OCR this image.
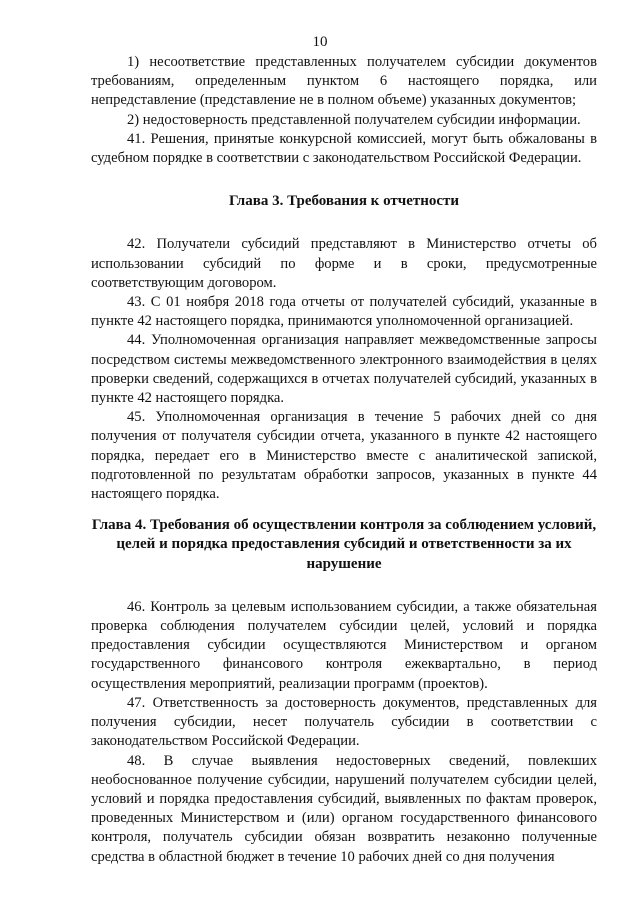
10

1) несоответствие представленных получателем субсидии документов требованиям, определенным пунктом 6 настоящего порядка, или непредставление (представление не в полном объеме) указанных документов;

2) недостоверность представленной получателем субсидии информации.

41. Решения, принятые конкурсной комиссией, могут быть обжалованы в судебном порядке в соответствии с законодательством Российской Федерации.

Глава 3. Требования к отчетности

42. Получатели субсидий представляют в Министерство отчеты об использовании субсидий по форме и в сроки, предусмотренные соответствующим договором.

43. С 01 ноября 2018 года отчеты от получателей субсидий, указанные в пункте 42 настоящего порядка, принимаются уполномоченной организацией.

44. Уполномоченная организация направляет межведомственные запросы посредством системы межведомственного электронного взаимодействия в целях проверки сведений, содержащихся в отчетах получателей субсидий, указанных в пункте 42 настоящего порядка.

45. Уполномоченная организация в течение 5 рабочих дней со дня получения от получателя субсидии отчета, указанного в пункте 42 настоящего порядка, передает его в Министерство вместе с аналитической запиской, подготовленной по результатам обработки запросов, указанных в пункте 44 настоящего порядка.

Глава 4. Требования об осуществлении контроля за соблюдением условий, целей и порядка предоставления субсидий и ответственности за их нарушение

46. Контроль за целевым использованием субсидии, а также обязательная проверка соблюдения получателем субсидии целей, условий и порядка предоставления субсидии осуществляются Министерством и органом государственного финансового контроля ежеквартально, в период осуществления мероприятий, реализации программ (проектов).

47. Ответственность за достоверность документов, представленных для получения субсидии, несет получатель субсидии в соответствии с законодательством Российской Федерации.

48. В случае выявления недостоверных сведений, повлекших необоснованное получение субсидии, нарушений получателем субсидии целей, условий и порядка предоставления субсидий, выявленных по фактам проверок, проведенных Министерством и (или) органом государственного финансового контроля, получатель субсидии обязан возвратить незаконно полученные средства в областной бюджет в течение 10 рабочих дней со дня получения
